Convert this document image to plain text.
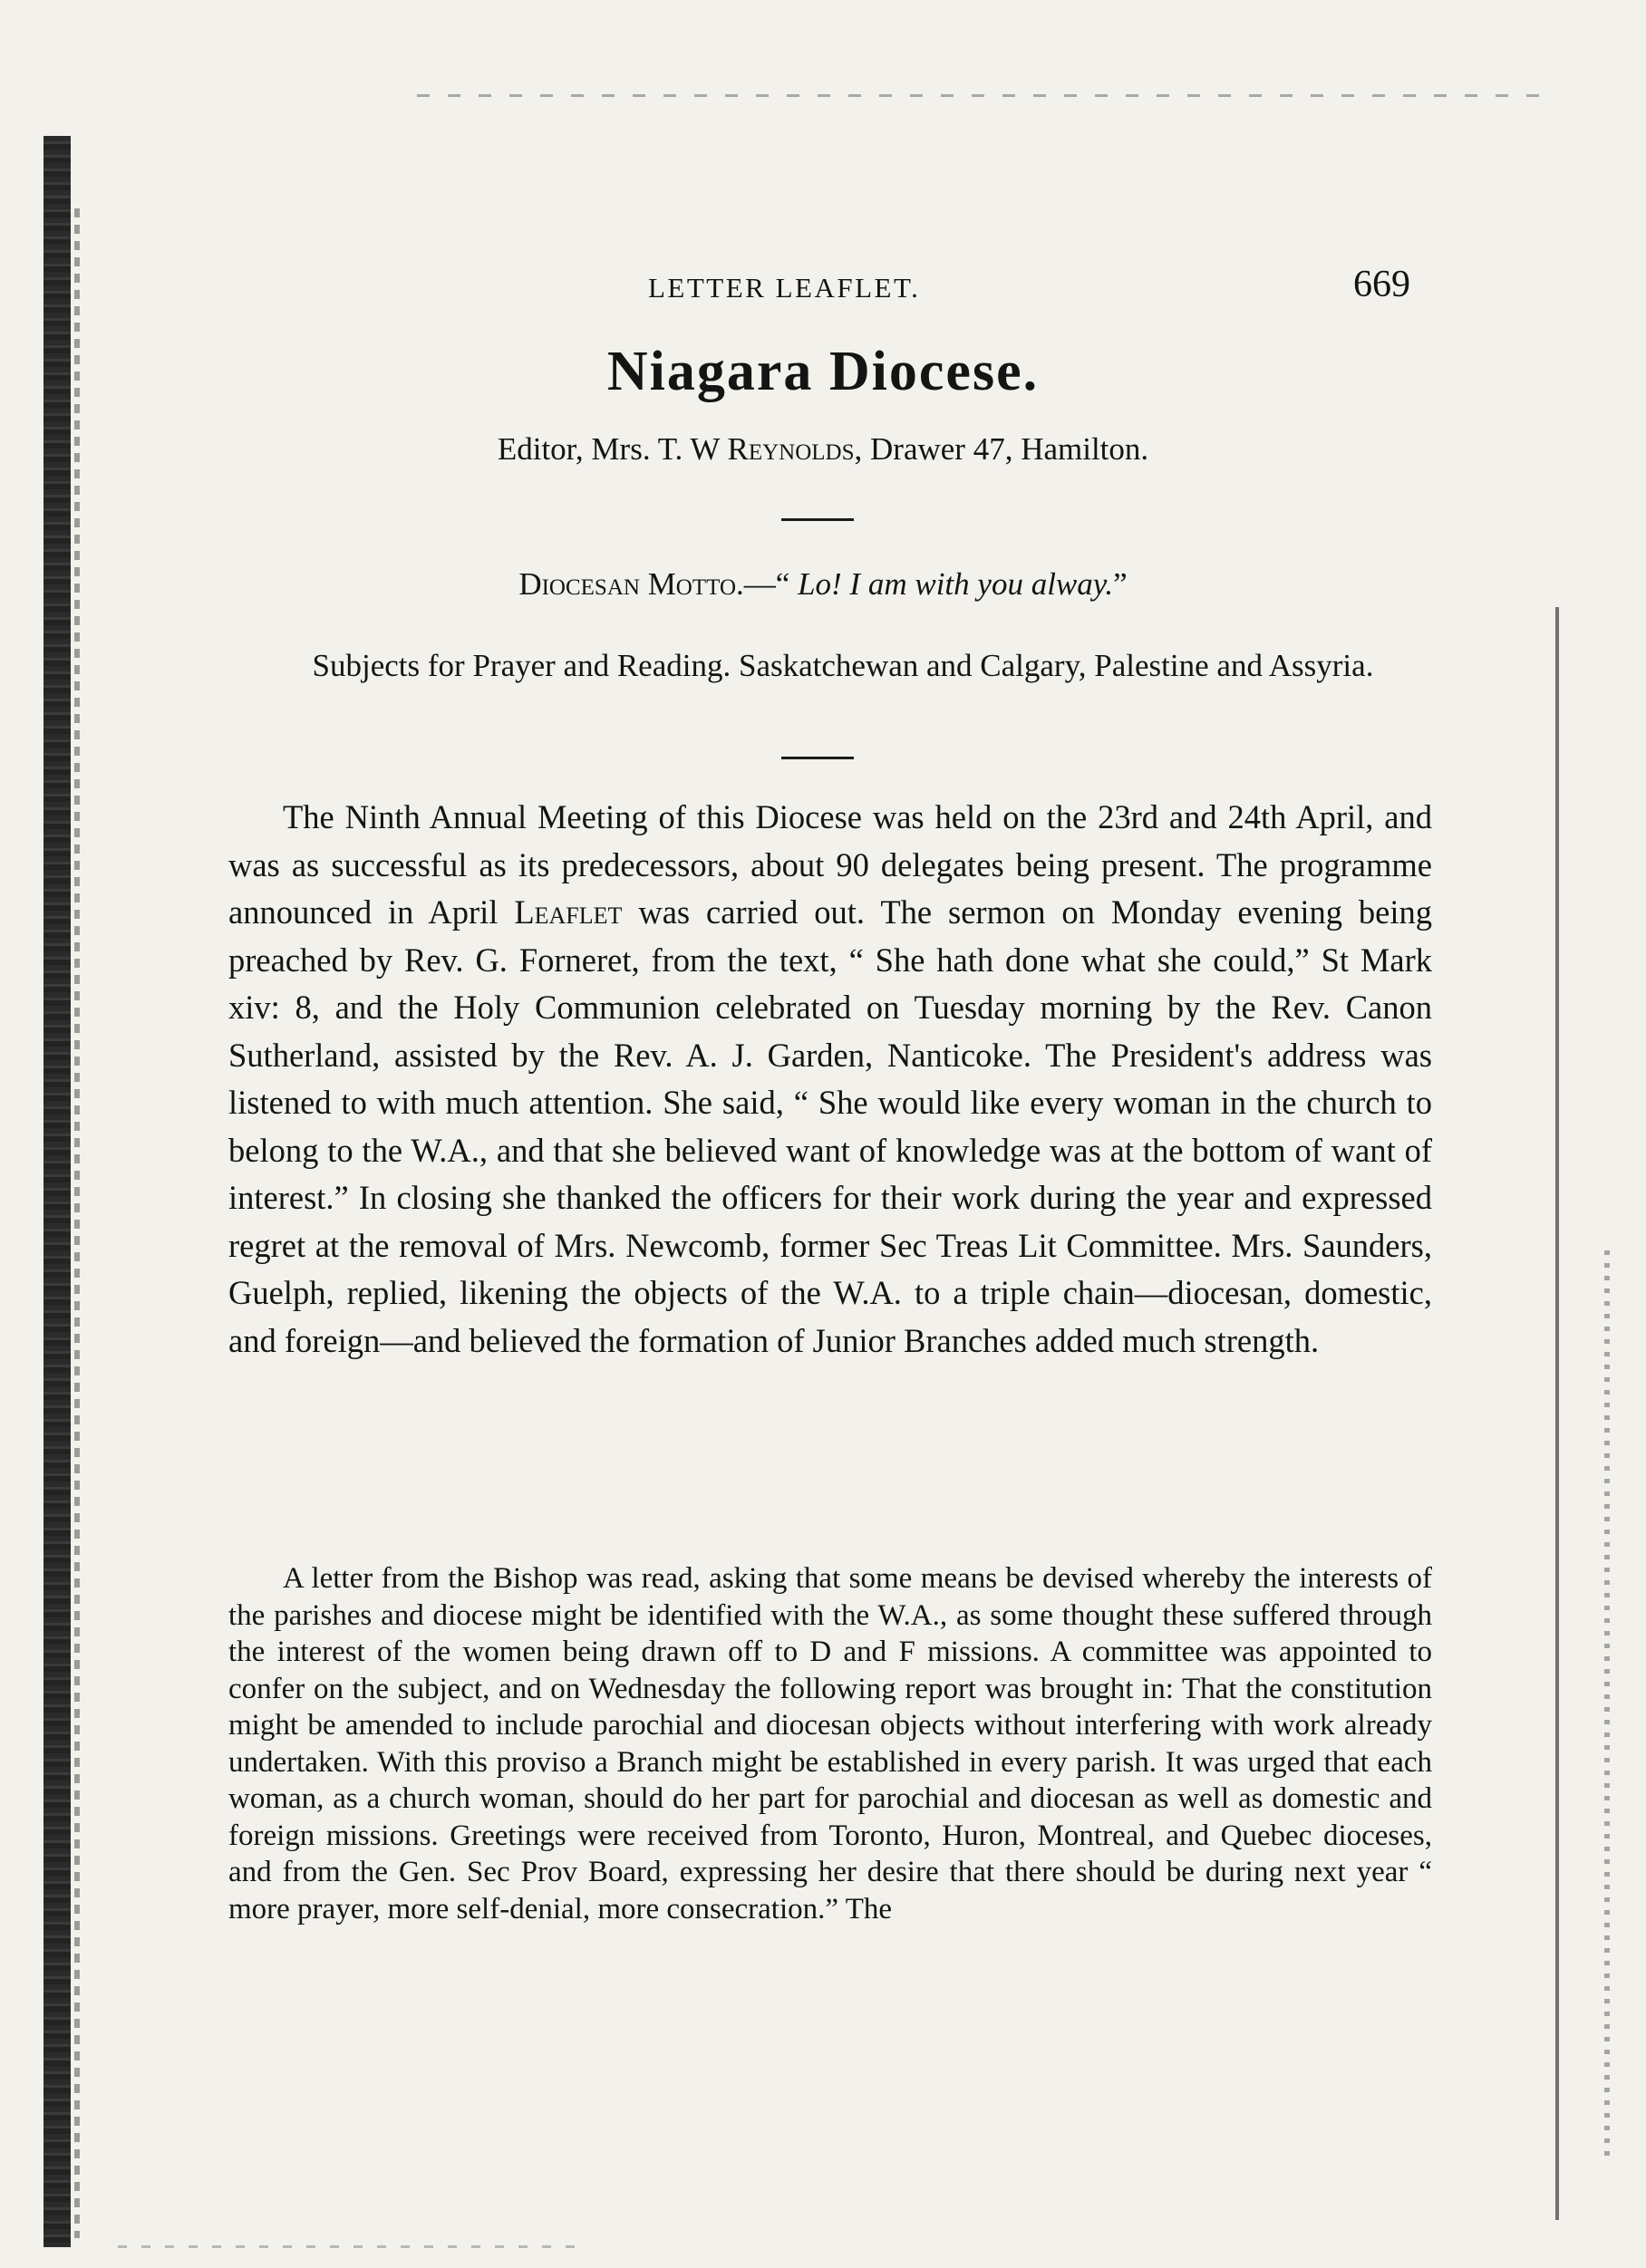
LETTER LEAFLET.	669
Niagara Diocese.
Editor, Mrs. T. W Reynolds, Drawer 47, Hamilton.
Diocesan Motto.—“ Lo! I am with you alway.”
Subjects for Prayer and Reading. Saskatchewan and Calgary, Palestine and Assyria.

The Ninth Annual Meeting of this Diocese was held on the 23rd and 24th April, and was as successful as its predecessors, about 90 delegates being present. The programme announced in April Leaflet was carried out. The sermon on Monday evening being preached by Rev. G. Forneret, from the text, “ She hath done what she could,” St Mark xiv: 8, and the Holy Communion celebrated on Tuesday morning by the Rev. Canon Sutherland, assisted by the Rev. A. J. Garden, Nanticoke. The President's address was listened to with much attention. She said, “ She would like every woman in the church to belong to the W.A., and that she believed want of knowledge was at the bottom of want of interest.” In closing she thanked the officers for their work during the year and expressed regret at the removal of Mrs. Newcomb, former Sec Treas Lit Committee. Mrs. Saunders, Guelph, replied, likening the objects of the W.A. to a triple chain—diocesan, domestic, and foreign—and believed the formation of Junior Branches added much strength.

A letter from the Bishop was read, asking that some means be devised whereby the interests of the parishes and diocese might be identified with the W.A., as some thought these suffered through the interest of the women being drawn off to D and F missions. A committee was appointed to confer on the subject, and on Wednesday the following report was brought in: That the constitution might be amended to include parochial and diocesan objects without interfering with work already undertaken. With this proviso a Branch might be established in every parish. It was urged that each woman, as a church woman, should do her part for parochial and diocesan as well as domestic and foreign missions. Greetings were received from Toronto, Huron, Montreal, and Quebec dioceses, and from the Gen. Sec Prov Board, expressing her desire that there should be during next year “ more prayer, more self-denial, more consecration.” The
